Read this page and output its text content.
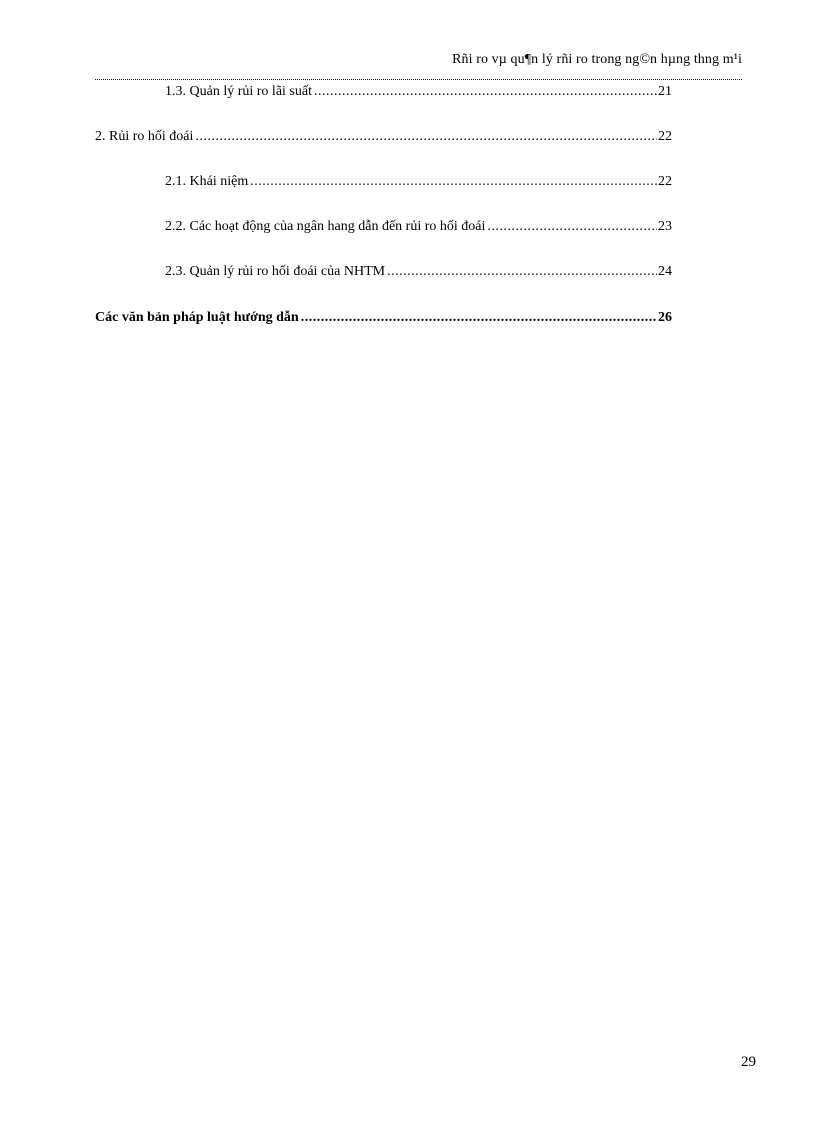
Rñi ro vµ qu¶n lý rñi ro trong ng©n hµng thng m¹i
1.3. Quản lý rủi ro lãi suất .....	21
2. Rủi ro hối đoái .....	22
2.1. Khái niệm .....	22
2.2. Các hoạt động của ngân hang dẫn đến rủi ro hối đoái .....	23
2.3. Quản lý rủi ro hối đoái của NHTM .....	24
Các văn bản pháp luật hướng dẫn .....	26
29
